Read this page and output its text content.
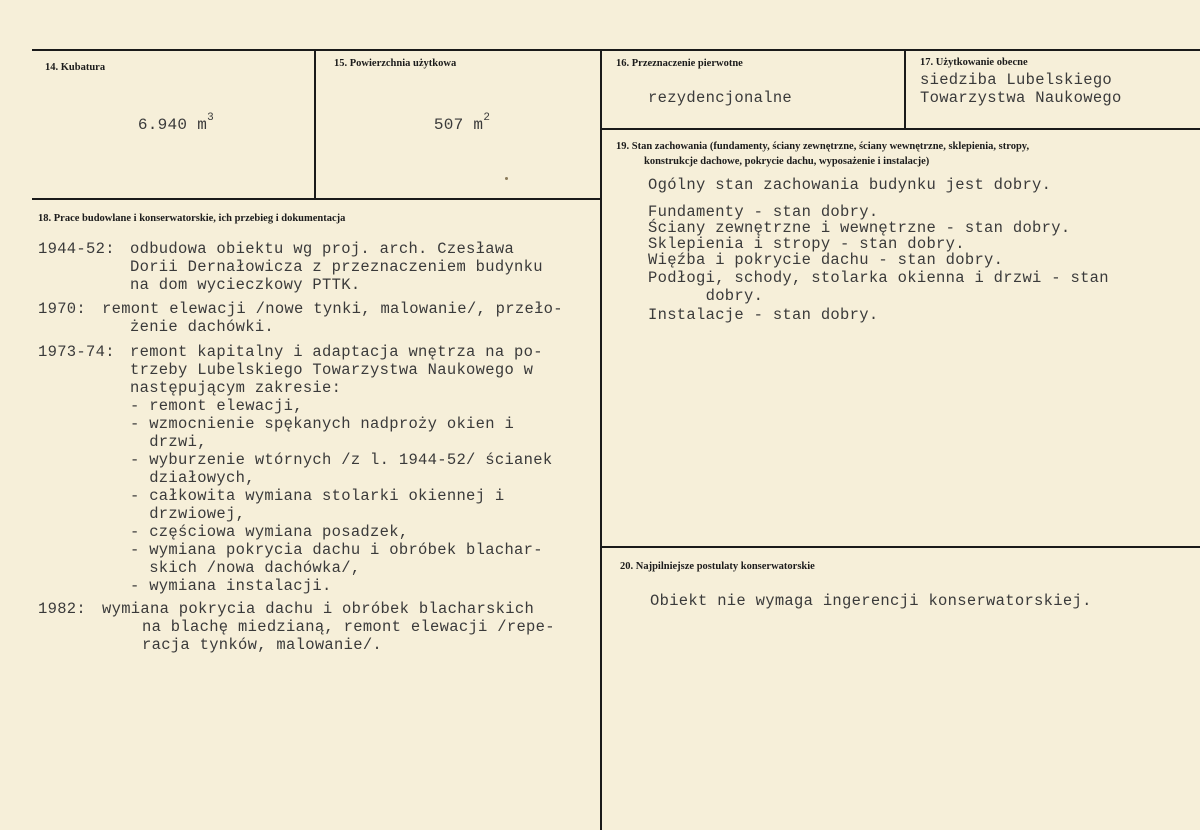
14. Kubatura

6.940 $m^3$

15. Powierzchnia użytkowa

507 $m^2$

16. Przeznaczenie pierwotne
rezydencjonalne
17. Użytkowanie obecne
siedziba Lubelskiego
Towarzystwa Naukowego
18. Prace budowlane i konserwatorskie, ich przebieg i dokumentacja
1944-52: odbudowa obiektu wg proj. arch. Czesława
Dorii Dernałowicza z przeznaczeniem budynku
na dom wycieczkowy PTTK.
1970: remont elewacji /nowe tynki, malowanie/, przeło-
żenie dachówki.
1973-74: remont kapitalny i adaptacja wnętrza na po-
trzeby Lubelskiego Towarzystwa Naukowego w
następującym zakresie:
- remont elewacji,
- wzmocnienie spękanych nadproży okien i
drzwi,
- wyburzenie wtórnych /z l. 1944-52/ ścianek
działowych,
- całkowita wymiana stolarki okiennej i
drzwiowej,
- częściowa wymiana posadzek,
- wymiana pokrycia dachu i obróbek blachar-
skich /nowa dachówka/,
- wymiana instalacji.
1982: wymiana pokrycia dachu i obróbek blacharskich
na blachę miedzianą, remont elewacji /repe-
racja tynków, malowanie/.
19. Stan zachowania (fundamenty, ściany zewnętrzne, ściany wewnętrzne, sklepienia, stropy,
konstrukcje dachowe, pokrycie dachu, wyposażenie i instalacje)
Ogólny stan zachowania budynku jest dobry.
Fundamenty - stan dobry.
Ściany zewnętrzne i wewnętrzne - stan dobry.
Sklepienia i stropy - stan dobry.
Więźba i pokrycie dachu - stan dobry.
Podłogi, schody, stolarka okienna i drzwi - stan
dobry.
Instalacje - stan dobry.
20. Najpilniejsze postulaty konserwatorskie
Obiekt nie wymaga ingerencji konserwatorskiej.
